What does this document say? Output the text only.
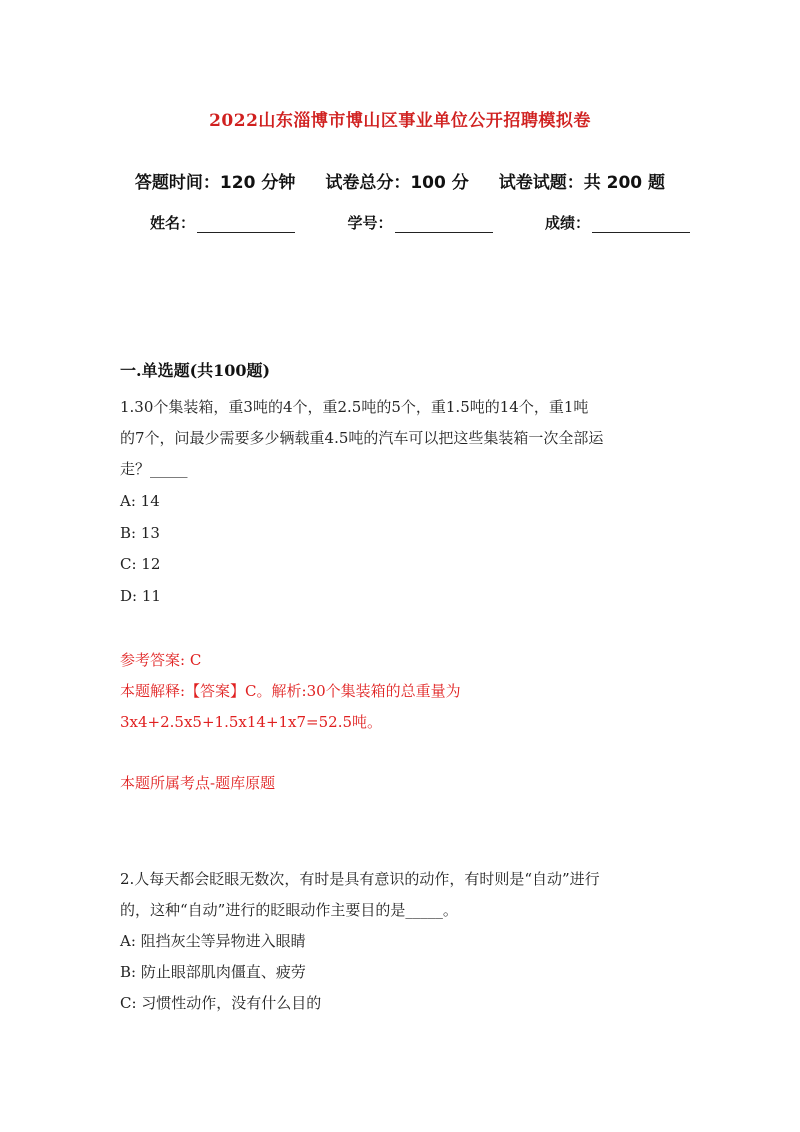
2022山东淄博市博山区事业单位公开招聘模拟卷
答题时间：120 分钟 试卷总分：100 分 试卷试题：共 200 题
姓名：	学号：	成绩：
一.单选题(共100题)
1.30个集装箱，重3吨的4个，重2.5吨的5个，重1.5吨的14个，重1吨
的7个，问最少需要多少辆载重4.5吨的汽车可以把这些集装箱一次全部运
走？_____
A: 14
B: 13
C: 12
D: 11
参考答案: C
本题解释:【答案】C。解析:30个集装箱的总重量为
3x4+2.5x5+1.5x14+1x7=52.5吨。
本题所属考点-题库原题
2.人每天都会眨眼无数次，有时是具有意识的动作，有时则是“自动”进行
的，这种“自动”进行的眨眼动作主要目的是_____。
A: 阻挡灰尘等异物进入眼睛
B: 防止眼部肌肉僵直、疲劳
C: 习惯性动作，没有什么目的
